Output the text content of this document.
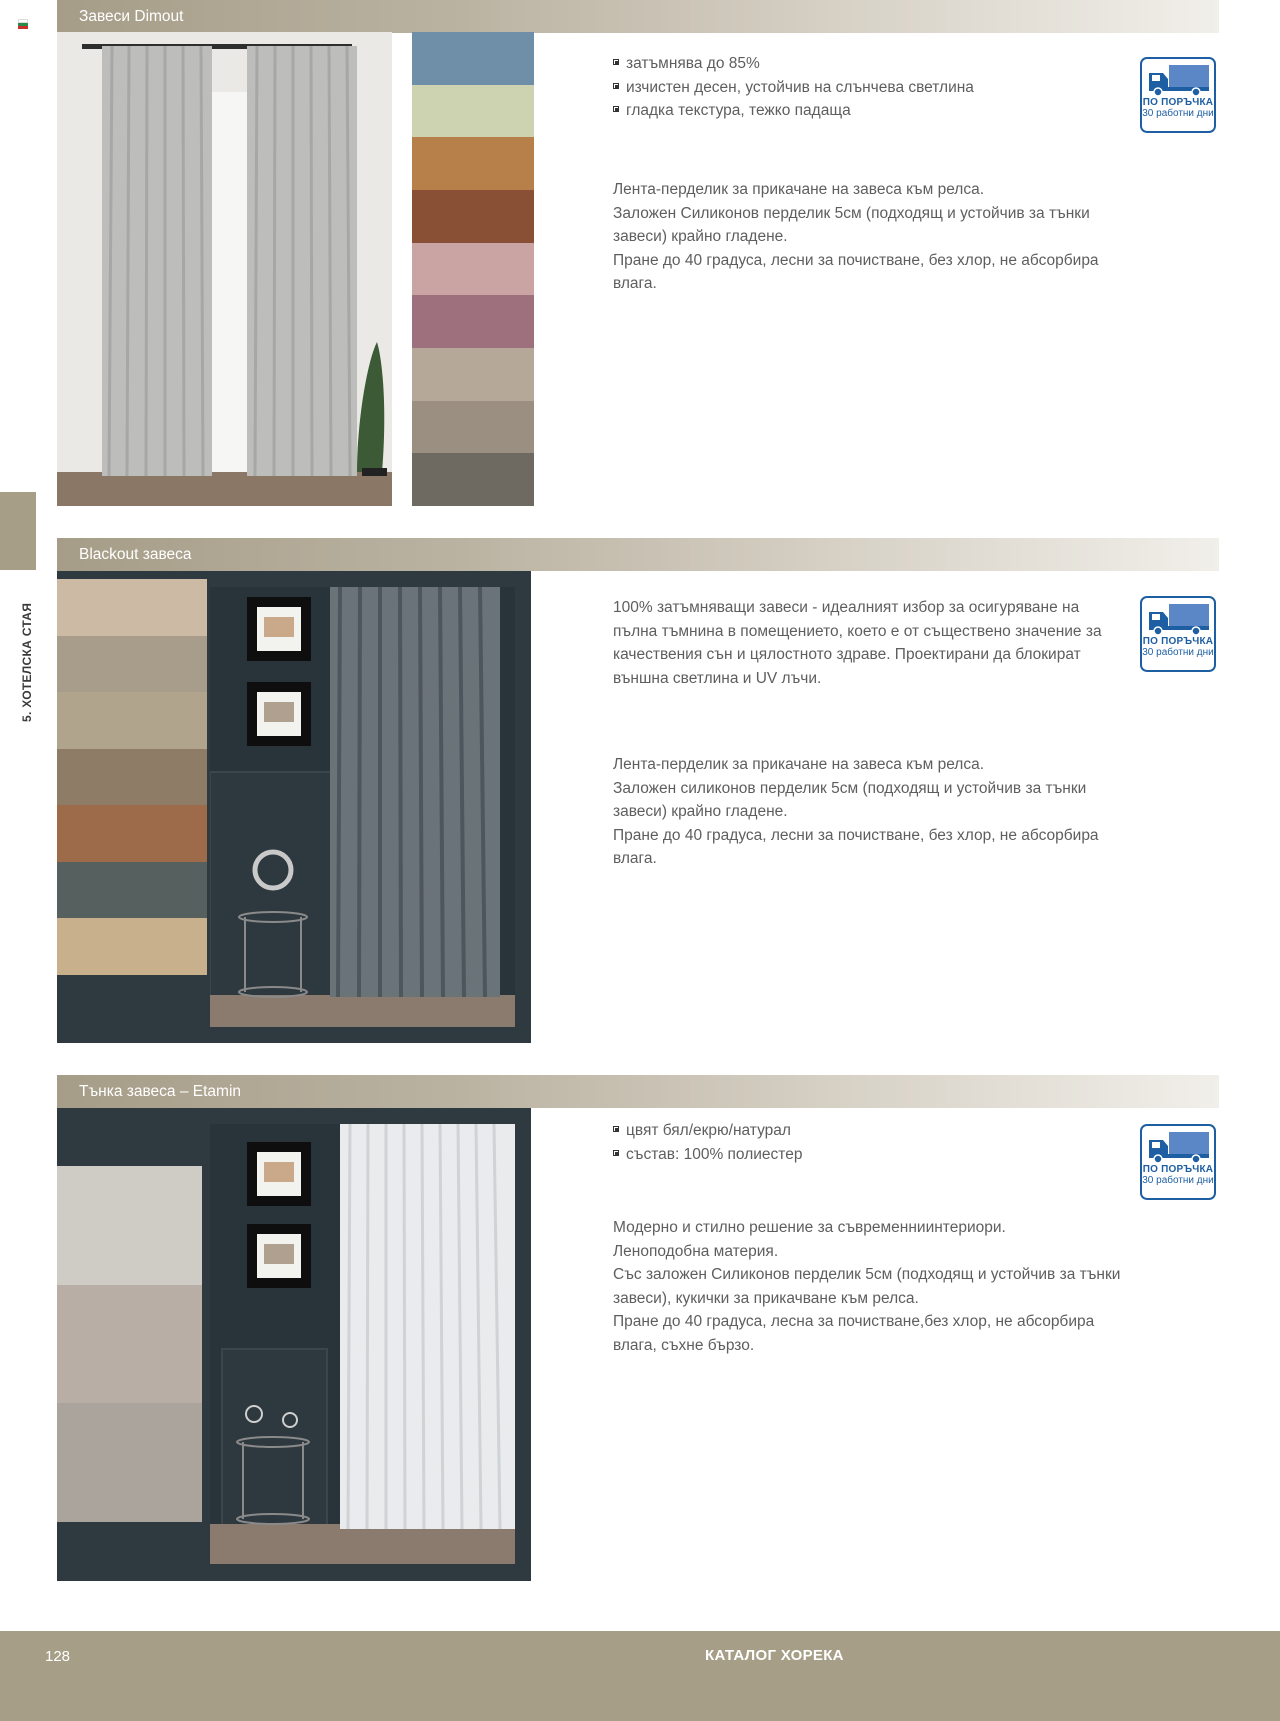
5. ХОТЕЛСКА СТАЯ
Завеси Dimout
затъмнява до 85%
изчистен десен, устойчив на слънчева светлина
гладка текстура, тежко падаща

Лента-перделик за прикачане на завеса към релса.

Заложен Силиконов перделик 5см (подходящ и устойчив за тънки завеси) крайно гладене.

Пране до 40 градуса, лесни за почистване, без хлор, не абсорбира влага.

ПО ПОРЪЧКА
30 работни дни
Blackout завеса
100% затъмняващи завеси - идеалният избор за осигуряване на пълна тъмнина в помещението, което е от съществено значение за качествения сън и цялостното здраве. Проектирани да блокират външна светлина и UV лъчи.

Лента-перделик за прикачане на завеса към релса.

Заложен силиконов перделик 5см (подходящ и устойчив за тънки завеси) крайно гладене.

Пране до 40 градуса, лесни за почистване, без хлор, не абсорбира влага.

ПО ПОРЪЧКА
30 работни дни
Тънка завеса – Etamin
цвят бял/екрю/натурал
състав: 100% полиестер

Модерно и стилно решение за съвременниинтериори.

Ленoподобна материя.

Със заложен Силиконов перделик 5см (подходящ и устойчив за тънки завеси), кукички за прикачване към релса.

Пране до 40 градуса, лесна за почистване,без хлор, не абсорбира влага, съхне бързо.

ПО ПОРЪЧКА
30 работни дни
128	КАТАЛОГ ХОРЕКА
